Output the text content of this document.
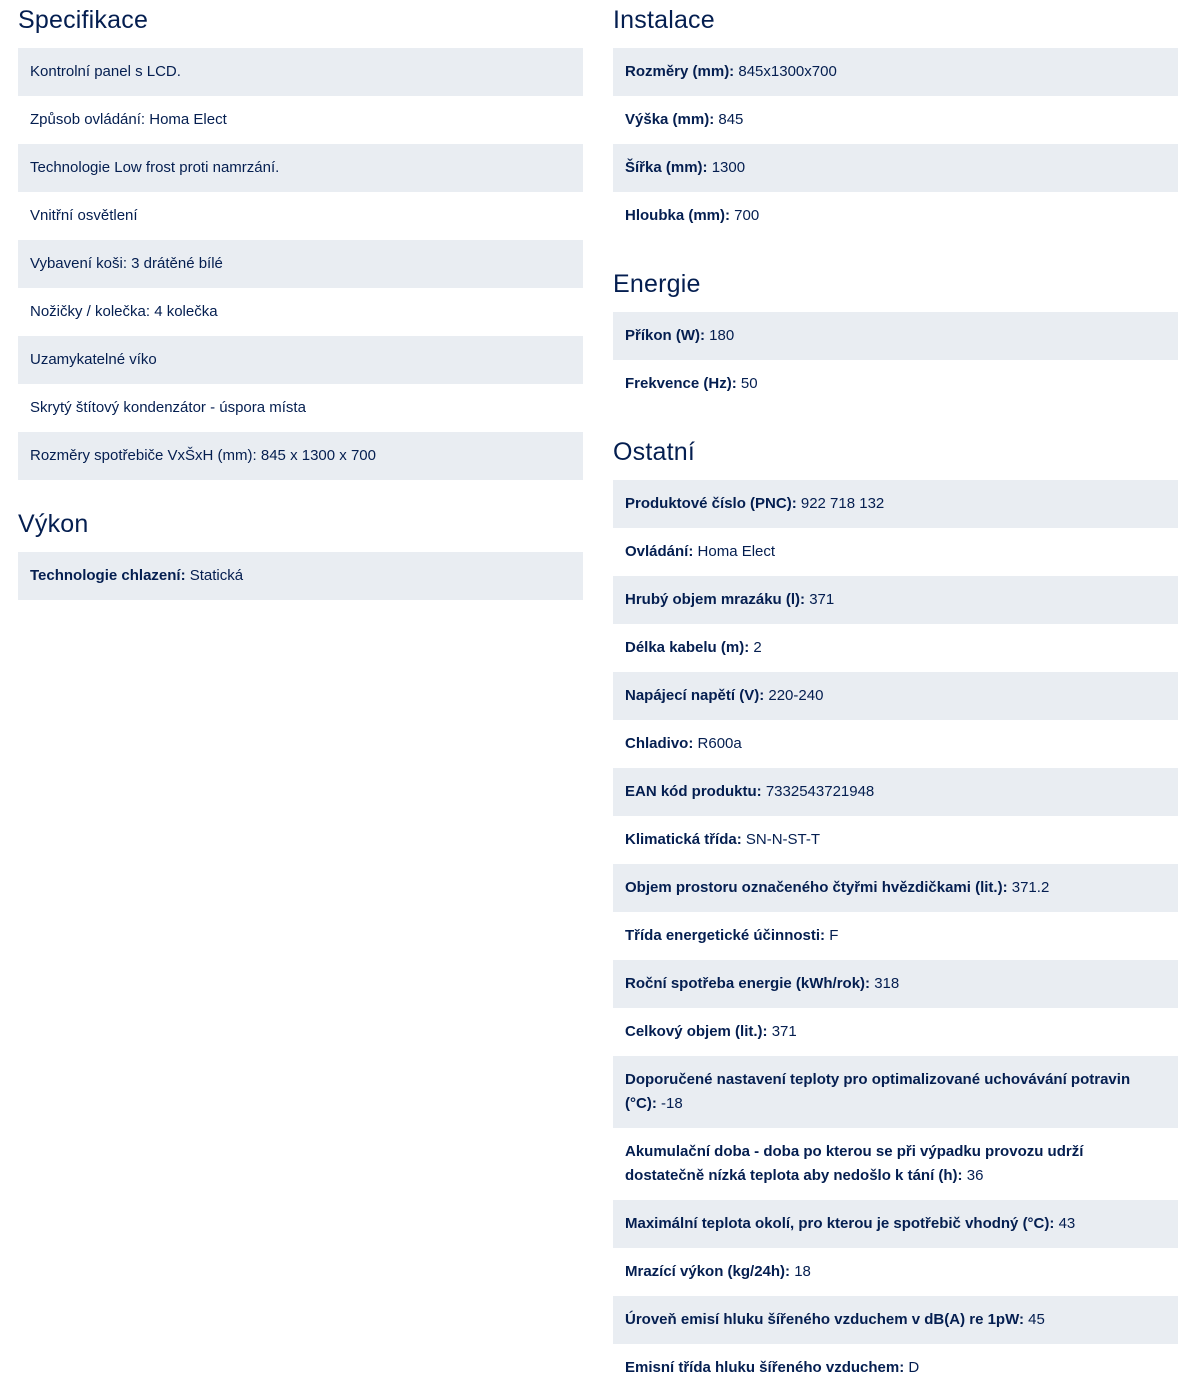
Specifikace
Kontrolní panel s LCD.
Způsob ovládání: Homa Elect
Technologie Low frost proti namrzání.
Vnitřní osvětlení
Vybavení koši: 3 drátěné bílé
Nožičky / kolečka: 4 kolečka
Uzamykatelné víko
Skrytý štítový kondenzátor - úspora místa
Rozměry spotřebiče VxŠxH (mm): 845 x 1300 x 700
Výkon
Technologie chlazení: Statická
Instalace
Rozměry (mm): 845x1300x700
Výška (mm): 845
Šířka (mm): 1300
Hloubka (mm): 700
Energie
Příkon (W): 180
Frekvence (Hz): 50
Ostatní
Produktové číslo (PNC): 922 718 132
Ovládání: Homa Elect
Hrubý objem mrazáku (l): 371
Délka kabelu (m): 2
Napájecí napětí (V): 220-240
Chladivo: R600a
EAN kód produktu: 7332543721948
Klimatická třída: SN-N-ST-T
Objem prostoru označeného čtyřmi hvězdičkami (lit.): 371.2
Třída energetické účinnosti: F
Roční spotřeba energie (kWh/rok): 318
Celkový objem (lit.): 371
Doporučené nastavení teploty pro optimalizované uchovávání potravin (°C): -18
Akumulační doba - doba po kterou se při výpadku provozu udrží dostatečně nízká teplota aby nedošlo k tání (h): 36
Maximální teplota okolí, pro kterou je spotřebič vhodný (°C): 43
Mrazící výkon (kg/24h): 18
Úroveň emisí hluku šířeného vzduchem v dB(A) re 1pW: 45
Emisní třída hluku šířeného vzduchem: D
